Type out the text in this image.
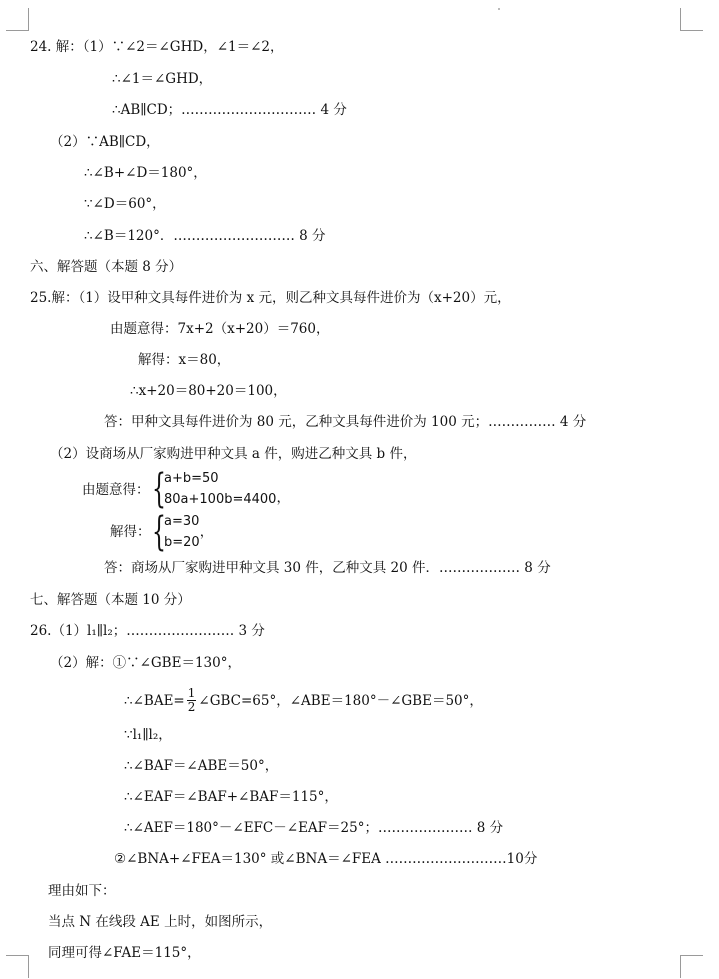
24. 解：（1）∵∠2＝∠GHD，∠1＝∠2，
∴∠1＝∠GHD，
∴AB∥CD；………………………… 4 分
（2）∵AB∥CD，
∴∠B+∠D＝180°，
∵∠D＝60°，
∴∠B＝120°．……………………… 8 分
六、解答题（本题 8 分）
25.解：（1）设甲种文具每件进价为 x 元，则乙种文具每件进价为（x+20）元，
由题意得：7x+2（x+20）＝760，
解得：x＝80，
∴x+20＝80+20＝100，
答：甲种文具每件进价为 80 元，乙种文具每件进价为 100 元；…………… 4 分
（2）设商场从厂家购进甲种文具 a 件，购进乙种文具 b 件，
由题意得： {
a+b=50
80a+100b=4400 ，
解得： {
a=30
b=20
，
答：商场从厂家购进甲种文具 30 件，乙种文具 20 件．……………… 8 分
七、解答题（本题 10 分）
26.（1）l₁∥l₂；…………………… 3 分
（2）解：①∵∠GBE＝130°，
∴∠BAE= $\frac{1}{2}$ ∠GBC=65°，∠ABE＝180°－∠GBE＝50°，
∵l₁∥l₂，
∴∠BAF＝∠ABE＝50°，
∴∠EAF＝∠BAF+∠BAF＝115°，
∴∠AEF＝180°－∠EFC－∠EAF＝25°；………………… 8 分
②∠BNA+∠FEA＝130° 或∠BNA＝∠FEA ………………………10分
理由如下：
当点 N 在线段 AE 上时，如图所示，
同理可得∠FAE＝115°，
